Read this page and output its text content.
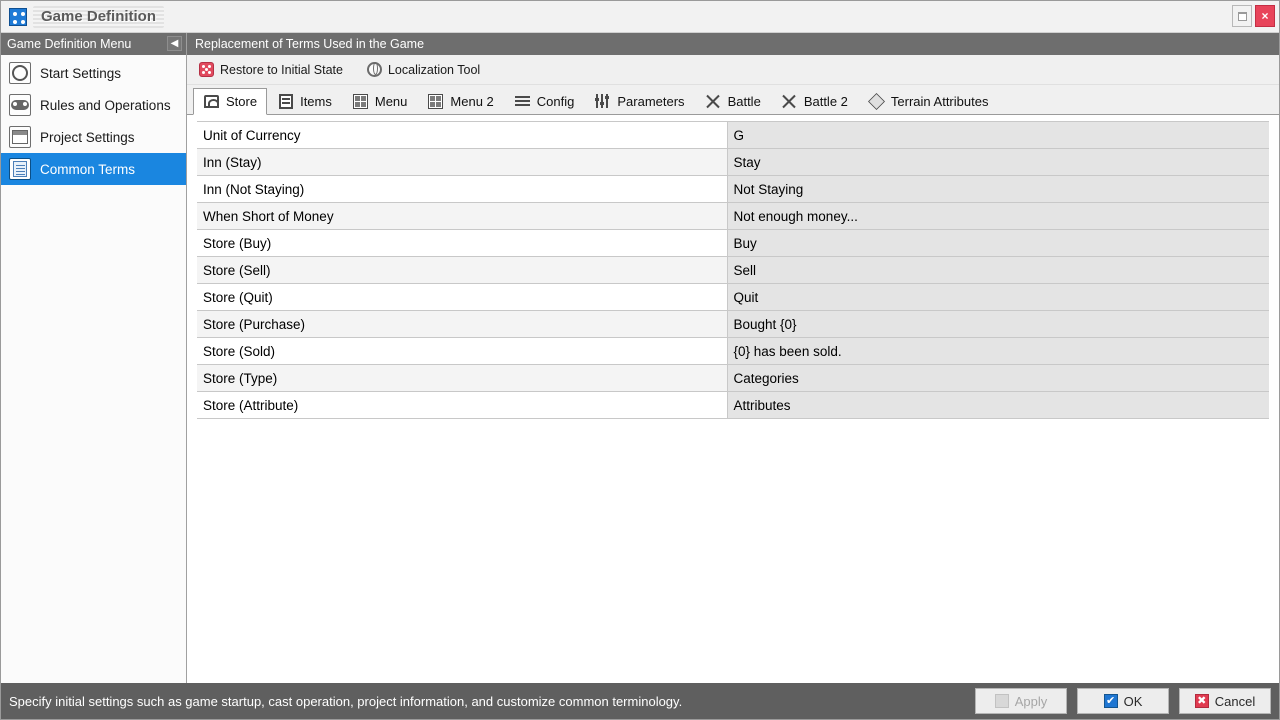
Game Definition	×
Game Definition Menu	◀
Start Settings
Rules and Operations
Project Settings
Common Terms
Replacement of Terms Used in the Game
Restore to Initial State	Localization Tool
Store	Items	Menu	Menu 2	Config	Parameters	Battle	Battle 2	Terrain Attributes
Unit of Currency	G
Inn (Stay)	Stay
Inn (Not Staying)	Not Staying
When Short of Money	Not enough money...
Store (Buy)	Buy
Store (Sell)	Sell
Store (Quit)	Quit
Store (Purchase)	Bought {0}
Store (Sold)	{0} has been sold.
Store (Type)	Categories
Store (Attribute)	Attributes
Specify initial settings such as game startup, cast operation, project information, and customize common terminology.	Apply	✔ OK	✖ Cancel
